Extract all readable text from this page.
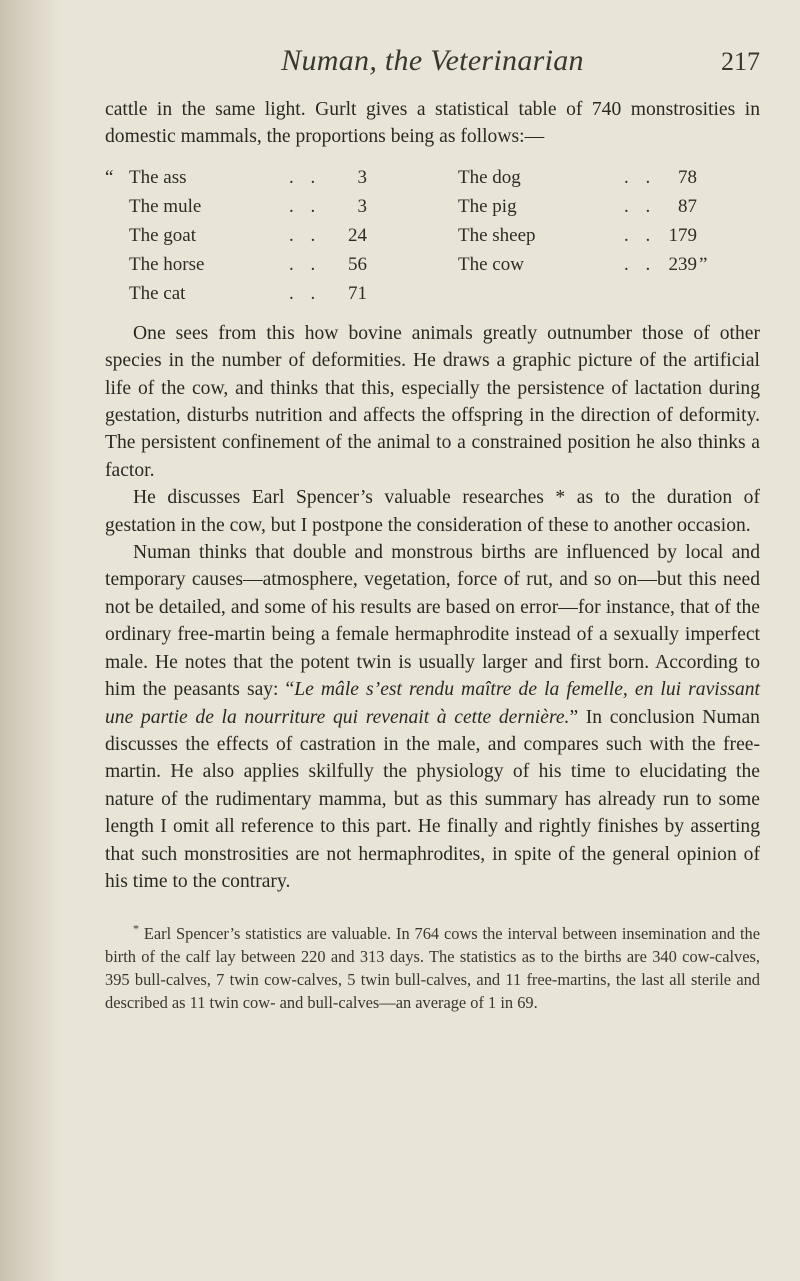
Numan, the Veterinarian	217

cattle in the same light. Gurlt gives a statistical table of 740 monstrosities in domestic mammals, the proportions being as follows:—

“ The ass	. .	3	The dog	. .	78
The mule	. .	3	The pig	. .	87
The goat	. .	24	The sheep	. . 179
The horse	. .	56	The cow	. . 239 ”
The cat	. .	71

One sees from this how bovine animals greatly outnumber those of other species in the number of deformities. He draws a graphic picture of the artificial life of the cow, and thinks that this, especially the persistence of lactation during gestation, disturbs nutrition and affects the offspring in the direction of deformity. The persistent confinement of the animal to a constrained position he also thinks a factor.

He discusses Earl Spencer’s valuable researches * as to the duration of gestation in the cow, but I postpone the consideration of these to another occasion.

Numan thinks that double and monstrous births are influenced by local and temporary causes—atmosphere, vegetation, force of rut, and so on—but this need not be detailed, and some of his results are based on error—for instance, that of the ordinary free-martin being a female hermaphrodite instead of a sexually imperfect male. He notes that the potent twin is usually larger and first born. According to him the peasants say: “Le mâle s’est rendu maître de la femelle, en lui ravissant une partie de la nourriture qui revenait à cette dernière.” In conclusion Numan discusses the effects of castration in the male, and compares such with the free-martin. He also applies skilfully the physiology of his time to elucidating the nature of the rudimentary mamma, but as this summary has already run to some length I omit all reference to this part. He finally and rightly finishes by asserting that such monstrosities are not hermaphrodites, in spite of the general opinion of his time to the contrary.

* Earl Spencer’s statistics are valuable. In 764 cows the interval between insemination and the birth of the calf lay between 220 and 313 days. The statistics as to the births are 340 cow-calves, 395 bull-calves, 7 twin cow-calves, 5 twin bull-calves, and 11 free-martins, the last all sterile and described as 11 twin cow- and bull-calves—an average of 1 in 69.
